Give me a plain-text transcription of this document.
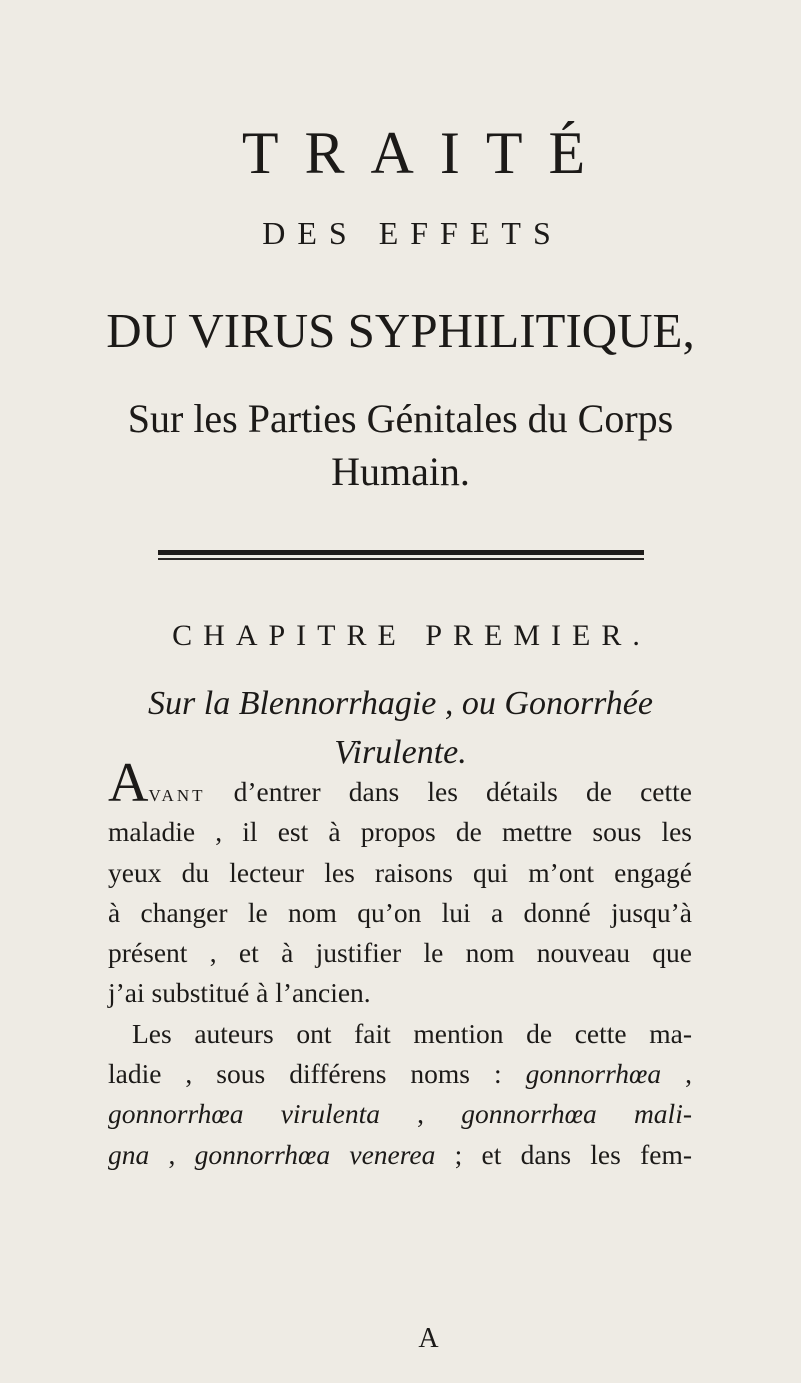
TRAITÉ
DES EFFETS
DU VIRUS SYPHILITIQUE,
Sur les Parties Génitales du Corps
Humain.
CHAPITRE PREMIER.
Sur la Blennorrhagie , ou Gonorrhée
Virulente.
AVANT d’entrer dans les détails de cette
maladie , il est à propos de mettre sous les
yeux du lecteur les raisons qui m’ont engagé
à changer le nom qu’on lui a donné jusqu’à
présent , et à justifier le nom nouveau que
j’ai substitué à l’ancien.
Les auteurs ont fait mention de cette ma-
ladie , sous différens noms : gonnorrhœa ,
gonnorrhœa virulenta , gonnorrhœa mali-
gna , gonnorrhœa venerea ; et dans les fem-
A
